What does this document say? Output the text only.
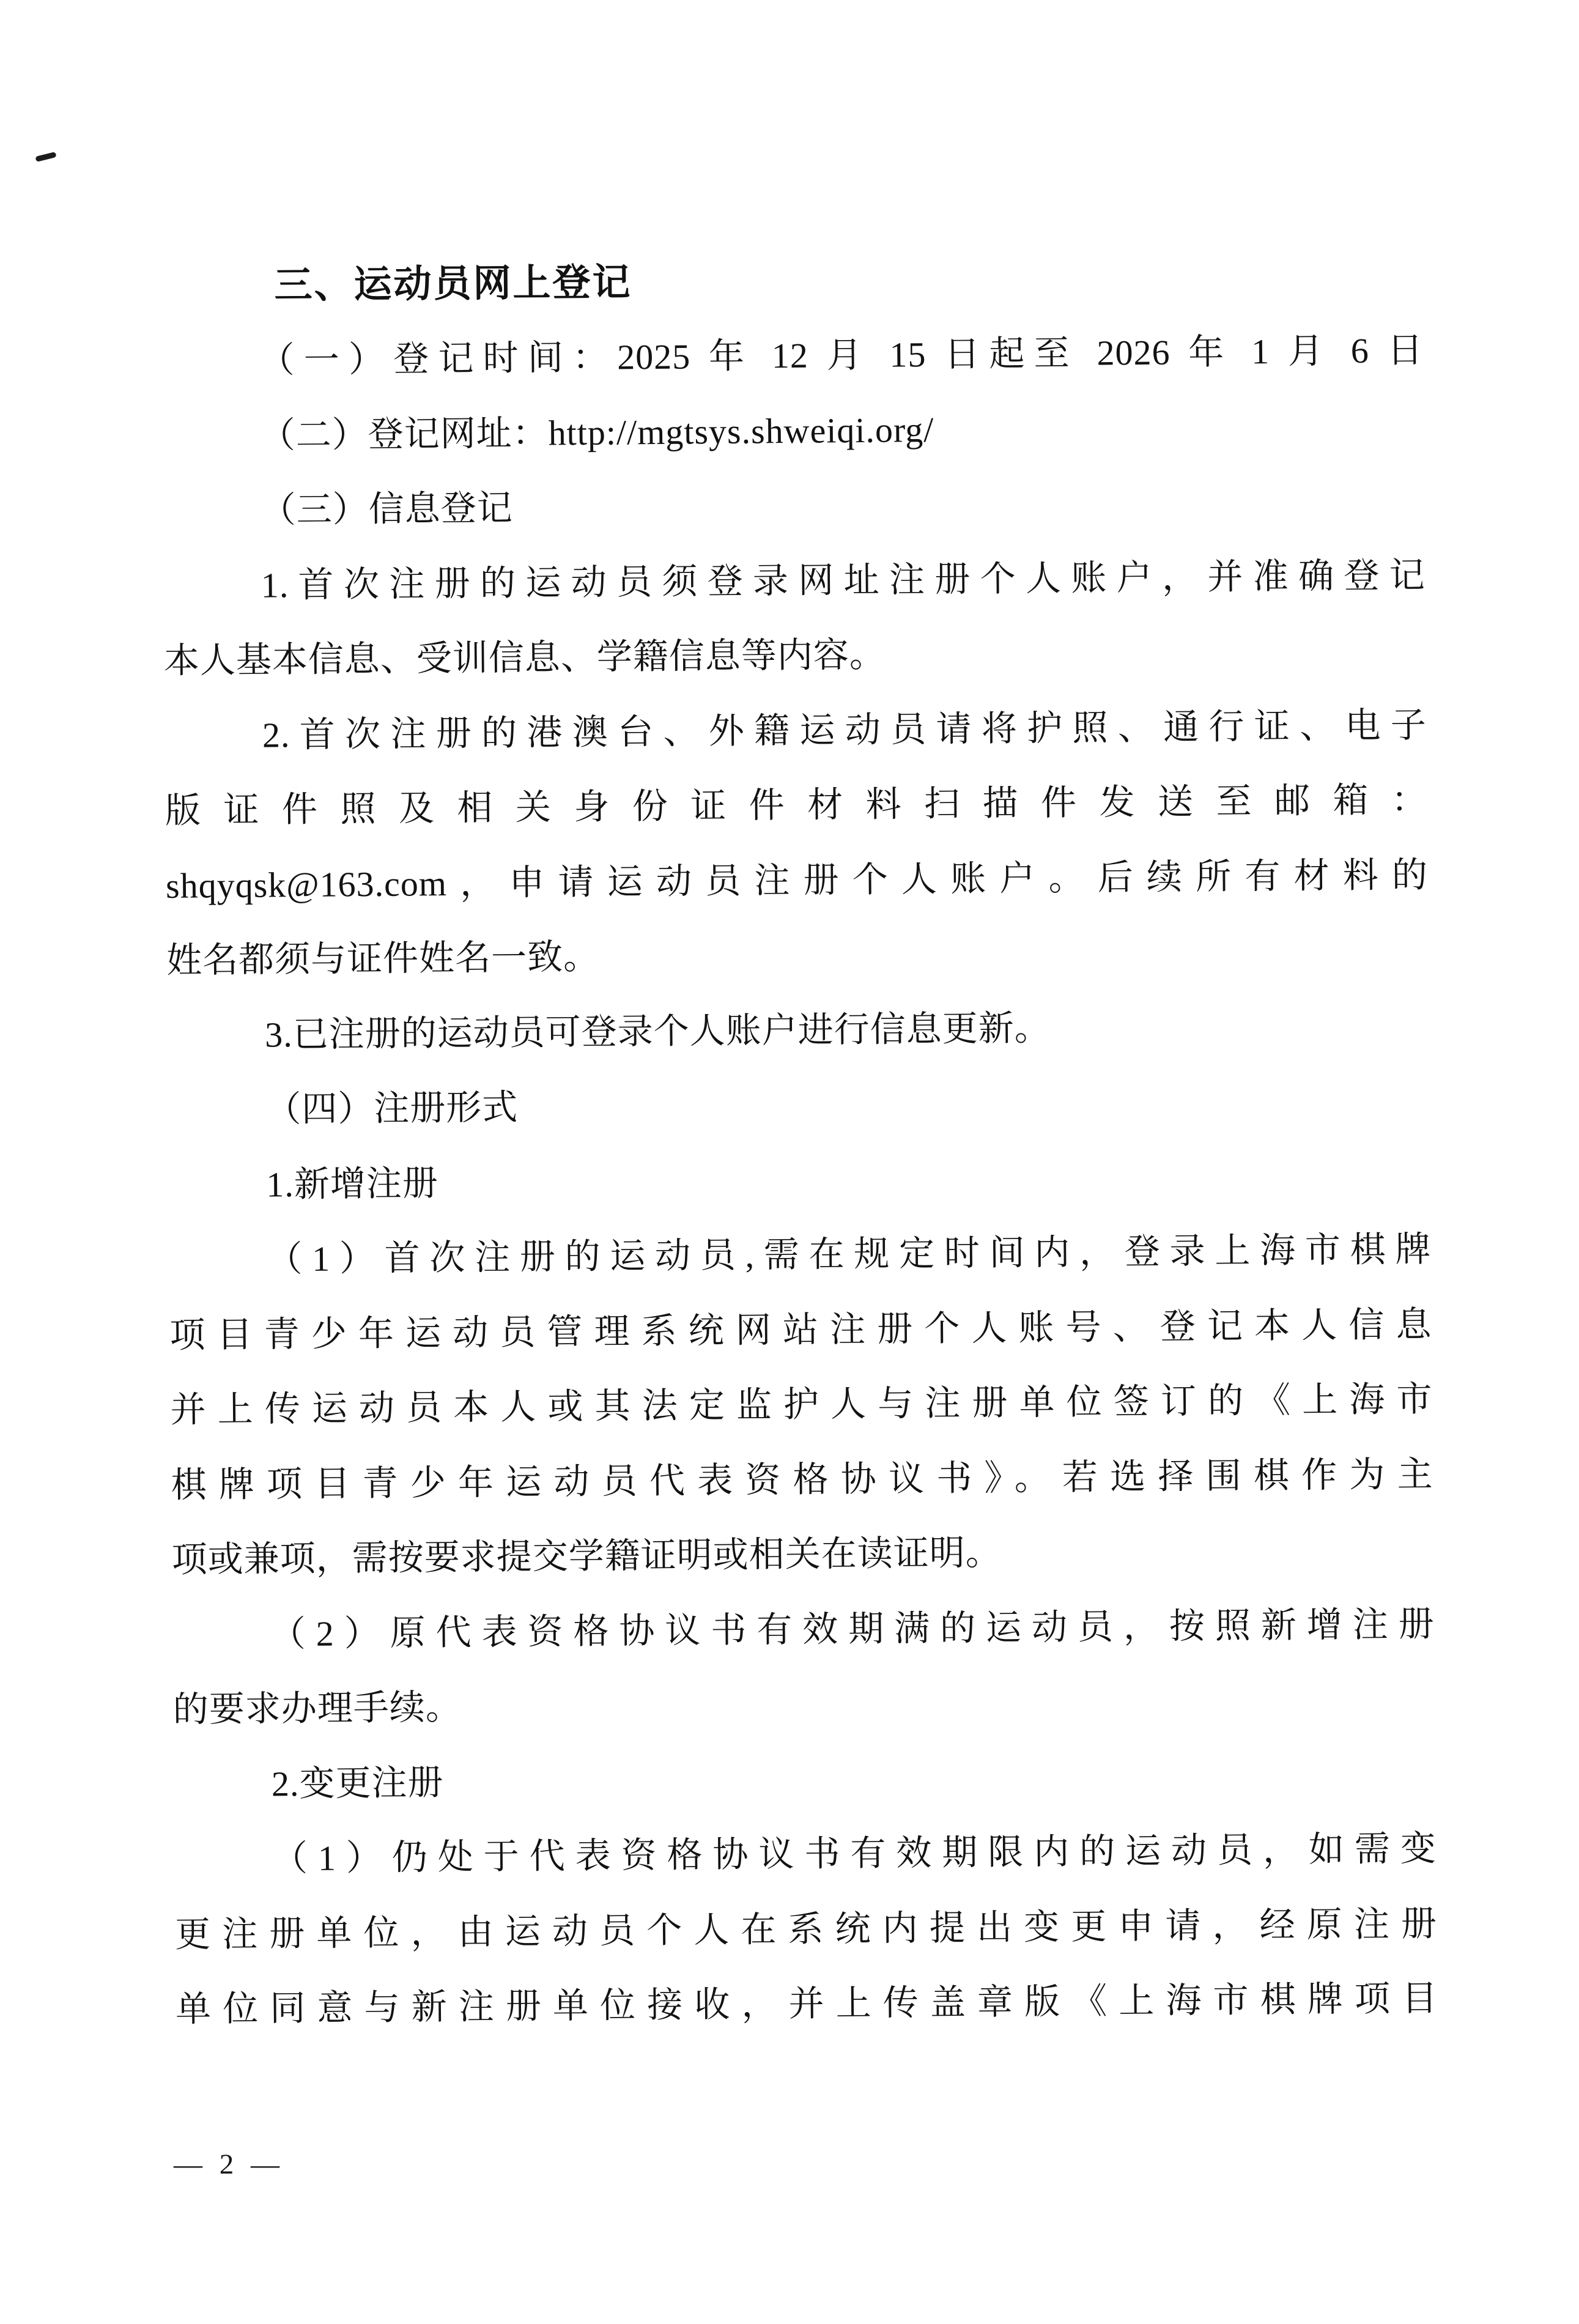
三、运动员网上登记
（一）登记时间：2025 年 12 月 15 日起至 2026 年 1 月 6 日
（二）登记网址：http://mgtsys.shweiqi.org/
（三）信息登记
1.首次注册的运动员须登录网址注册个人账户，并准确登记
本人基本信息、受训信息、学籍信息等内容。
2.首次注册的港澳台、外籍运动员请将护照、通行证、电子
版证件照及相关身份证件材料扫描件发送至邮箱：
shqyqsk@163.com，申请运动员注册个人账户。后续所有材料的
姓名都须与证件姓名一致。
3.已注册的运动员可登录个人账户进行信息更新。
（四）注册形式
1.新增注册
（1）首次注册的运动员,需在规定时间内，登录上海市棋牌
项目青少年运动员管理系统网站注册个人账号、登记本人信息
并上传运动员本人或其法定监护人与注册单位签订的《上海市
棋牌项目青少年运动员代表资格协议书》。若选择围棋作为主
项或兼项，需按要求提交学籍证明或相关在读证明。
（2）原代表资格协议书有效期满的运动员，按照新增注册
的要求办理手续。
2.变更注册
（1）仍处于代表资格协议书有效期限内的运动员，如需变
更注册单位，由运动员个人在系统内提出变更申请，经原注册
单位同意与新注册单位接收，并上传盖章版《上海市棋牌项目
— 2 —
